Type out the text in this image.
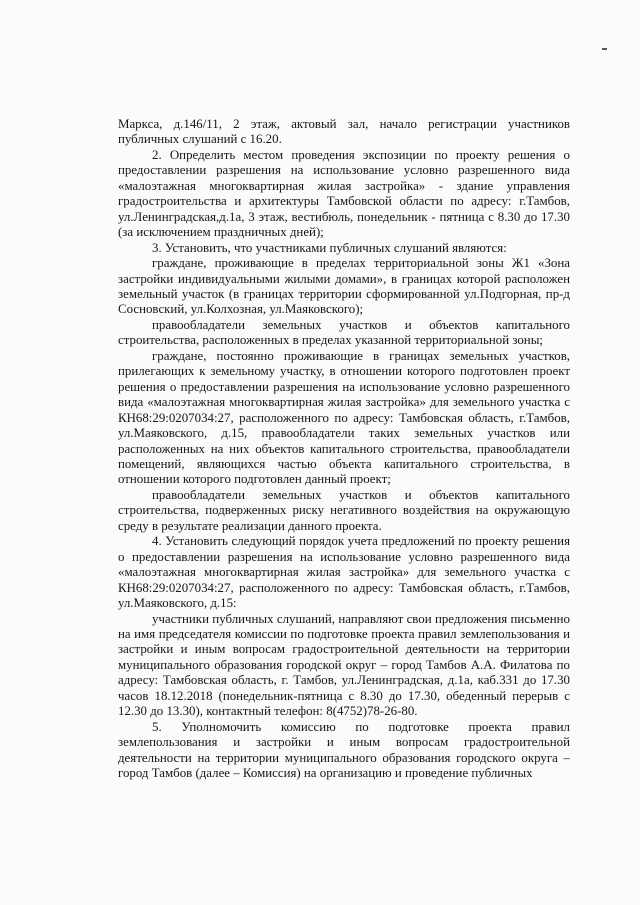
Маркса, д.146/11, 2 этаж, актовый зал, начало регистрации участников публичных слушаний с 16.20.

2. Определить местом проведения экспозиции по проекту решения о предоставлении разрешения на использование условно разрешенного вида «малоэтажная многоквартирная жилая застройка» - здание управления градостроительства и архитектуры Тамбовской области по адресу: г.Тамбов, ул.Ленинградская,д.1а, 3 этаж, вестибюль, понедельник - пятница с 8.30 до 17.30 (за исключением праздничных дней);

3. Установить, что участниками публичных слушаний являются:

граждане, проживающие в пределах территориальной зоны Ж1 «Зона застройки индивидуальными жилыми домами», в границах которой расположен земельный участок (в границах территории сформированной ул.Подгорная, пр-д Сосновский, ул.Колхозная, ул.Маяковского);

правообладатели земельных участков и объектов капитального строительства, расположенных в пределах указанной территориальной зоны;

граждане, постоянно проживающие в границах земельных участков, прилегающих к земельному участку, в отношении которого подготовлен проект решения о предоставлении разрешения на использование условно разрешенного вида «малоэтажная многоквартирная жилая застройка» для земельного участка с КН68:29:0207034:27, расположенного по адресу: Тамбовская область, г.Тамбов, ул.Маяковского, д.15, правообладатели таких земельных участков или расположенных на них объектов капитального строительства, правообладатели помещений, являющихся частью объекта капитального строительства, в отношении которого подготовлен данный проект;

правообладатели земельных участков и объектов капитального строительства, подверженных риску негативного воздействия на окружающую среду в результате реализации данного проекта.

4. Установить следующий порядок учета предложений по проекту решения о предоставлении разрешения на использование условно разрешенного вида «малоэтажная многоквартирная жилая застройка» для земельного участка с КН68:29:0207034:27, расположенного по адресу: Тамбовская область, г.Тамбов, ул.Маяковского, д.15:

участники публичных слушаний, направляют свои предложения письменно на имя председателя комиссии по подготовке проекта правил землепользования и застройки и иным вопросам градостроительной деятельности на территории муниципального образования городской округ – город Тамбов А.А. Филатова по адресу: Тамбовская область, г. Тамбов, ул.Ленинградская, д.1а, каб.331 до 17.30 часов 18.12.2018 (понедельник-пятница с 8.30 до 17.30, обеденный перерыв с 12.30 до 13.30), контактный телефон: 8(4752)78-26-80.

5. Уполномочить комиссию по подготовке проекта правил землепользования и застройки и иным вопросам градостроительной деятельности на территории муниципального образования городского округа – город Тамбов (далее – Комиссия) на организацию и проведение публичных
